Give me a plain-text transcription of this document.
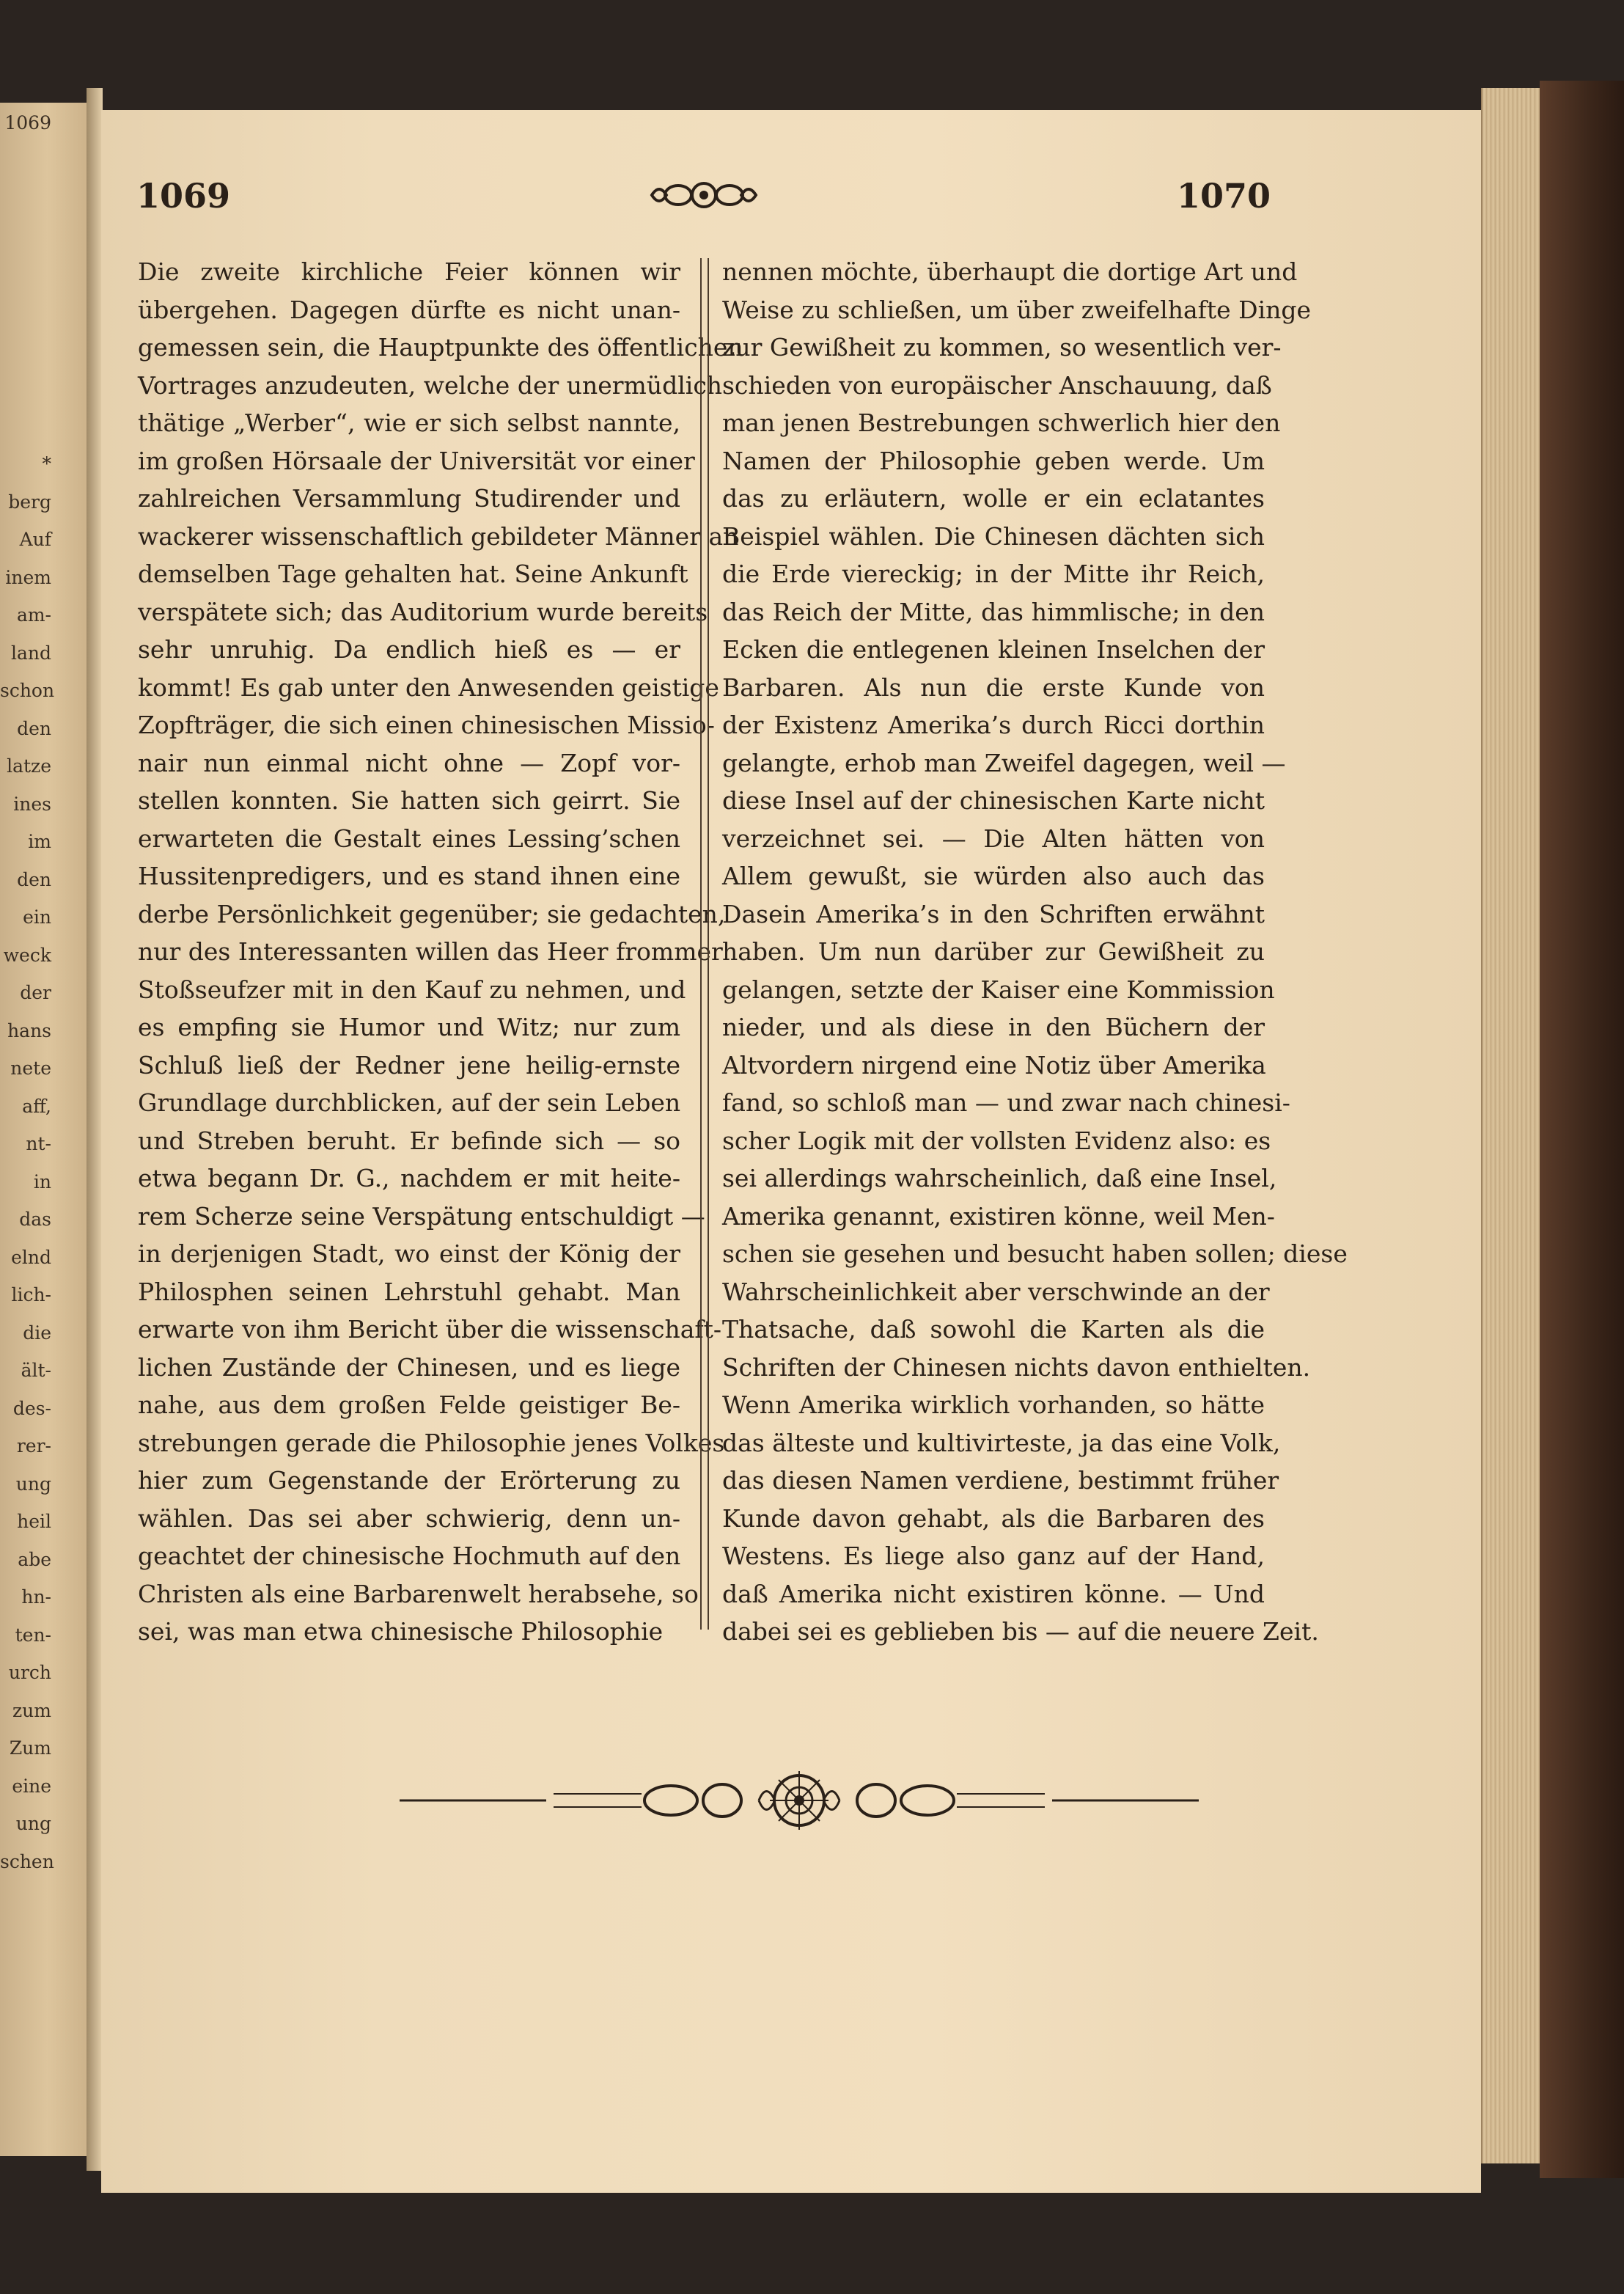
1069
*
berg
Auf
inem
am-
land
schon
den
latze
ines
im
den
ein
weck
der
hans
nete
aff,
nt-
in
das
elnd
lich-
die
ält-
des-
rer-
ung
heil
abe
hn-
ten-
urch
zum
Zum
eine
ung
schen
1069	1070
Die zweite kirchliche Feier können wir
übergehen. Dagegen dürfte es nicht unan-
gemessen sein, die Hauptpunkte des öffentlichen
Vortrages anzudeuten, welche der unermüdlich
thätige „Werber“, wie er sich selbst nannte,
im großen Hörsaale der Universität vor einer
zahlreichen Versammlung Studirender und
wackerer wissenschaftlich gebildeter Männer an
demselben Tage gehalten hat. Seine Ankunft
verspätete sich; das Auditorium wurde bereits
sehr unruhig. Da endlich hieß es — er
kommt! Es gab unter den Anwesenden geistige
Zopfträger, die sich einen chinesischen Missio-
nair nun einmal nicht ohne — Zopf vor-
stellen konnten. Sie hatten sich geirrt. Sie
erwarteten die Gestalt eines Lessing’schen
Hussitenpredigers, und es stand ihnen eine
derbe Persönlichkeit gegenüber; sie gedachten,
nur des Interessanten willen das Heer frommer
Stoßseufzer mit in den Kauf zu nehmen, und
es empfing sie Humor und Witz; nur zum
Schluß ließ der Redner jene heilig-ernste
Grundlage durchblicken, auf der sein Leben
und Streben beruht. Er befinde sich — so
etwa begann Dr. G., nachdem er mit heite-
rem Scherze seine Verspätung entschuldigt —
in derjenigen Stadt, wo einst der König der
Philosphen seinen Lehrstuhl gehabt. Man
erwarte von ihm Bericht über die wissenschaft-
lichen Zustände der Chinesen, und es liege
nahe, aus dem großen Felde geistiger Be-
strebungen gerade die Philosophie jenes Volkes
hier zum Gegenstande der Erörterung zu
wählen. Das sei aber schwierig, denn un-
geachtet der chinesische Hochmuth auf den
Christen als eine Barbarenwelt herabsehe, so
sei, was man etwa chinesische Philosophie
nennen möchte, überhaupt die dortige Art und
Weise zu schließen, um über zweifelhafte Dinge
zur Gewißheit zu kommen, so wesentlich ver-
schieden von europäischer Anschauung, daß
man jenen Bestrebungen schwerlich hier den
Namen der Philosophie geben werde. Um
das zu erläutern, wolle er ein eclatantes
Beispiel wählen. Die Chinesen dächten sich
die Erde viereckig; in der Mitte ihr Reich,
das Reich der Mitte, das himmlische; in den
Ecken die entlegenen kleinen Inselchen der
Barbaren. Als nun die erste Kunde von
der Existenz Amerika’s durch Ricci dorthin
gelangte, erhob man Zweifel dagegen, weil —
diese Insel auf der chinesischen Karte nicht
verzeichnet sei. — Die Alten hätten von
Allem gewußt, sie würden also auch das
Dasein Amerika’s in den Schriften erwähnt
haben. Um nun darüber zur Gewißheit zu
gelangen, setzte der Kaiser eine Kommission
nieder, und als diese in den Büchern der
Altvordern nirgend eine Notiz über Amerika
fand, so schloß man — und zwar nach chinesi-
scher Logik mit der vollsten Evidenz also: es
sei allerdings wahrscheinlich, daß eine Insel,
Amerika genannt, existiren könne, weil Men-
schen sie gesehen und besucht haben sollen; diese
Wahrscheinlichkeit aber verschwinde an der
Thatsache, daß sowohl die Karten als die
Schriften der Chinesen nichts davon enthielten.
Wenn Amerika wirklich vorhanden, so hätte
das älteste und kultivirteste, ja das eine Volk,
das diesen Namen verdiene, bestimmt früher
Kunde davon gehabt, als die Barbaren des
Westens. Es liege also ganz auf der Hand,
daß Amerika nicht existiren könne. — Und
dabei sei es geblieben bis — auf die neuere Zeit.
